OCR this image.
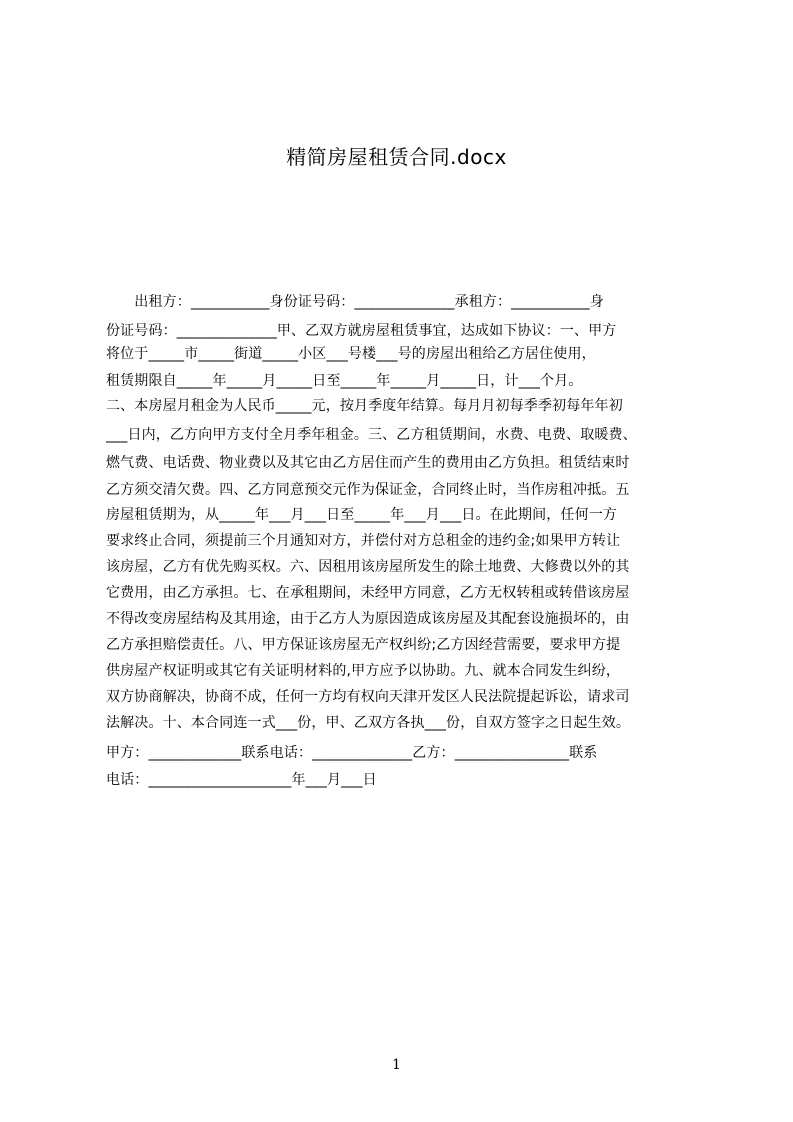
精简房屋租赁合同.docx
　　出租方：___________身份证号码：______________承租方：___________身
份证号码：______________甲、乙双方就房屋租赁事宜，达成如下协议：一、甲方
将位于_____市_____街道_____小区___号楼___号的房屋出租给乙方居住使用，
租赁期限自_____年_____月_____日至_____年_____月_____日，计___个月。
二、本房屋月租金为人民币_____元，按月季度年结算。每月月初每季季初每年年初
___日内，乙方向甲方支付全月季年租金。三、乙方租赁期间，水费、电费、取暖费、
燃气费、电话费、物业费以及其它由乙方居住而产生的费用由乙方负担。租赁结束时
乙方须交清欠费。四、乙方同意预交元作为保证金，合同终止时，当作房租冲抵。五
房屋租赁期为，从_____年___月___日至_____年___月___日。在此期间，任何一方
要求终止合同，须提前三个月通知对方，并偿付对方总租金的违约金;如果甲方转让
该房屋，乙方有优先购买权。六、因租用该房屋所发生的除土地费、大修费以外的其
它费用，由乙方承担。七、在承租期间，未经甲方同意，乙方无权转租或转借该房屋
不得改变房屋结构及其用途，由于乙方人为原因造成该房屋及其配套设施损坏的，由
乙方承担赔偿责任。八、甲方保证该房屋无产权纠纷;乙方因经营需要，要求甲方提
供房屋产权证明或其它有关证明材料的,甲方应予以协助。九、就本合同发生纠纷，
双方协商解决，协商不成，任何一方均有权向天津开发区人民法院提起诉讼，请求司
法解决。十、本合同连一式___份，甲、乙双方各执___份，自双方签字之日起生效。
甲方：_____________联系电话：______________乙方：________________联系
电话：____________________年___月___日
1
